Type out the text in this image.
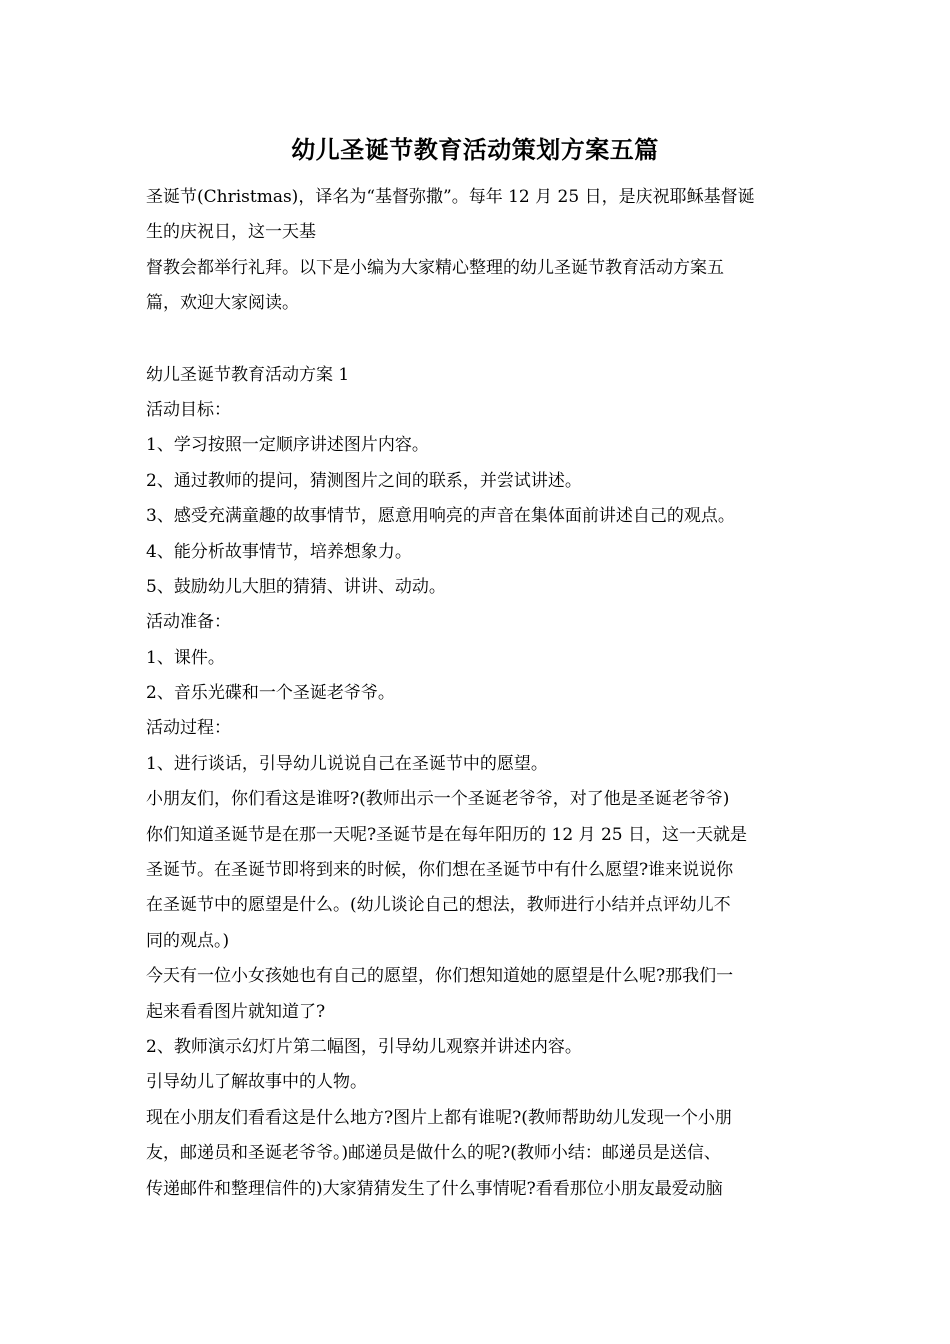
幼儿圣诞节教育活动策划方案五篇
圣诞节(Christmas)，译名为“基督弥撒”。每年 12 月 25 日，是庆祝耶稣基督诞
生的庆祝日，这一天基
督教会都举行礼拜。以下是小编为大家精心整理的幼儿圣诞节教育活动方案五
篇，欢迎大家阅读。
幼儿圣诞节教育活动方案 1
活动目标：
1、学习按照一定顺序讲述图片内容。
2、通过教师的提问，猜测图片之间的联系，并尝试讲述。
3、感受充满童趣的故事情节，愿意用响亮的声音在集体面前讲述自己的观点。
4、能分析故事情节，培养想象力。
5、鼓励幼儿大胆的猜猜、讲讲、动动。
活动准备：
1、课件。
2、音乐光碟和一个圣诞老爷爷。
活动过程：
1、进行谈话，引导幼儿说说自己在圣诞节中的愿望。
小朋友们，你们看这是谁呀?(教师出示一个圣诞老爷爷，对了他是圣诞老爷爷)
你们知道圣诞节是在那一天呢?圣诞节是在每年阳历的 12 月 25 日，这一天就是
圣诞节。在圣诞节即将到来的时候，你们想在圣诞节中有什么愿望?谁来说说你
在圣诞节中的愿望是什么。(幼儿谈论自己的想法，教师进行小结并点评幼儿不
同的观点。)
今天有一位小女孩她也有自己的愿望，你们想知道她的愿望是什么呢?那我们一
起来看看图片就知道了?
2、教师演示幻灯片第二幅图，引导幼儿观察并讲述内容。
引导幼儿了解故事中的人物。
现在小朋友们看看这是什么地方?图片上都有谁呢?(教师帮助幼儿发现一个小朋
友，邮递员和圣诞老爷爷。)邮递员是做什么的呢?(教师小结：邮递员是送信、
传递邮件和整理信件的)大家猜猜发生了什么事情呢?看看那位小朋友最爱动脑
